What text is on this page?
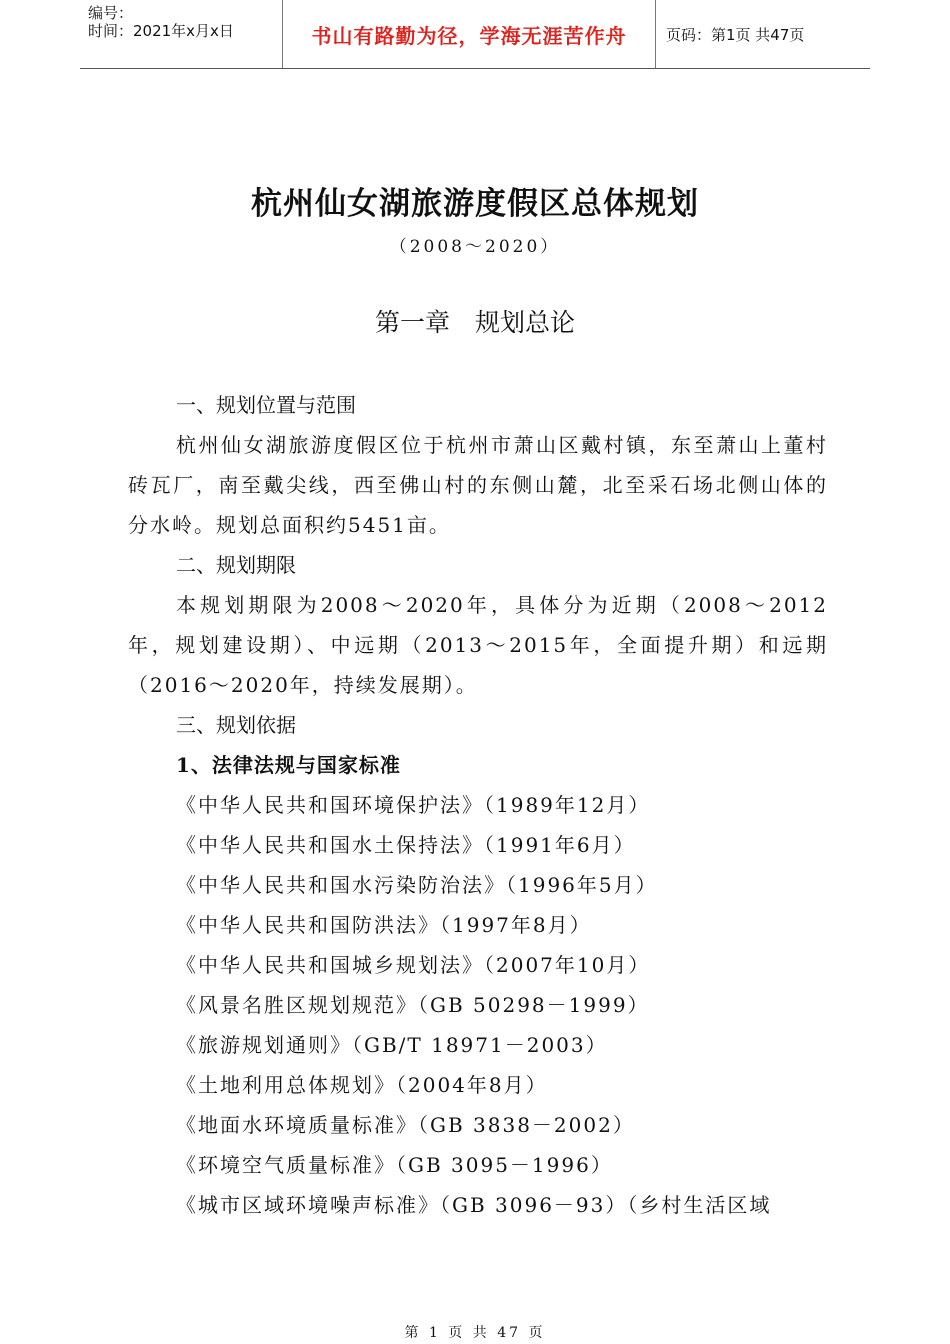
编号：
时间：2021年x月x日	书山有路勤为径，学海无涯苦作舟	页码：第1页 共47页
杭州仙女湖旅游度假区总体规划
（2008～2020）
第一章　规划总论
一、规划位置与范围

杭州仙女湖旅游度假区位于杭州市萧山区戴村镇，东至萧山上董村砖瓦厂，南至戴尖线，西至佛山村的东侧山麓，北至采石场北侧山体的分水岭。规划总面积约5451亩。

二、规划期限

本规划期限为2008～2020年，具体分为近期（2008～2012年，规划建设期）、中远期（2013～2015年，全面提升期）和远期（2016～2020年，持续发展期）。

三、规划依据
1、法律法规与国家标准
《中华人民共和国环境保护法》（1989年12月）
《中华人民共和国水土保持法》（1991年6月）
《中华人民共和国水污染防治法》（1996年5月）
《中华人民共和国防洪法》（1997年8月）
《中华人民共和国城乡规划法》（2007年10月）
《风景名胜区规划规范》（GB 50298－1999）
《旅游规划通则》（GB/T 18971－2003）
《土地利用总体规划》（2004年8月）
《地面水环境质量标准》（GB 3838－2002）
《环境空气质量标准》（GB 3095－1996）
《城市区域环境噪声标准》（GB 3096－93）（乡村生活区域
第 1 页 共 47 页
